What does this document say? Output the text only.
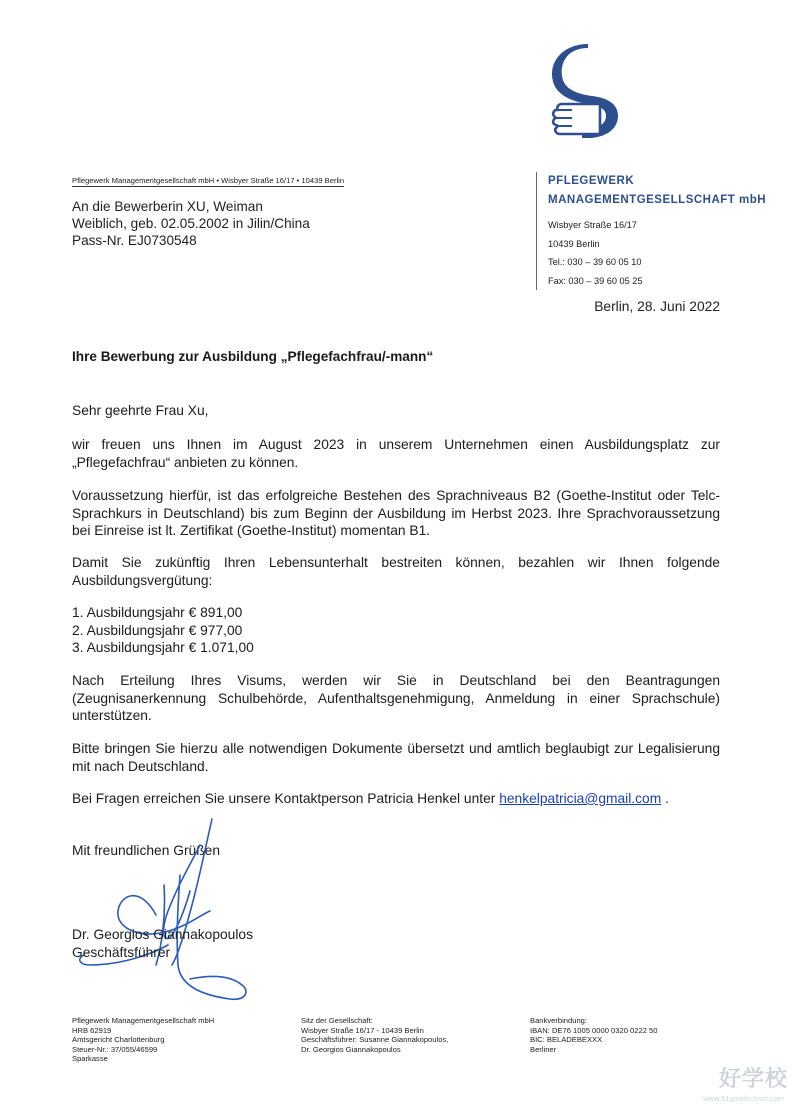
Pflegewerk Managementgesellschaft mbH • Wisbyer Straße 16/17 • 10439 Berlin
An die Bewerberin XU, Weiman
Weiblich, geb. 02.05.2002 in Jilin/China
Pass-Nr. EJ0730548
PFLEGEWERK
MANAGEMENTGESELLSCHAFT mbH
Wisbyer Straße 16/17
10439 Berlin
Tel.: 030 – 39 60 05 10
Fax: 030 – 39 60 05 25
Berlin, 28. Juni 2022
Ihre Bewerbung zur Ausbildung „Pflegefachfrau/-mann“
Sehr geehrte Frau Xu,
wir freuen uns Ihnen im August 2023 in unserem Unternehmen einen Ausbildungsplatz zur „Pflegefachfrau“ anbieten zu können.
Voraussetzung hierfür, ist das erfolgreiche Bestehen des Sprachniveaus B2 (Goethe-Institut oder Telc-Sprachkurs in Deutschland) bis zum Beginn der Ausbildung im Herbst 2023. Ihre Sprachvoraussetzung bei Einreise ist lt. Zertifikat (Goethe-Institut) momentan B1.
Damit Sie zukünftig Ihren Lebensunterhalt bestreiten können, bezahlen wir Ihnen folgende Ausbildungsvergütung:
1. Ausbildungsjahr € 891,00
2. Ausbildungsjahr € 977,00
3. Ausbildungsjahr € 1.071,00
Nach Erteilung Ihres Visums, werden wir Sie in Deutschland bei den Beantragungen (Zeugnisanerkennung Schulbehörde, Aufenthaltsgenehmigung, Anmeldung in einer Sprachschule) unterstützen.
Bitte bringen Sie hierzu alle notwendigen Dokumente übersetzt und amtlich beglaubigt zur Legalisierung mit nach Deutschland.
Bei Fragen erreichen Sie unsere Kontaktperson Patricia Henkel unter henkelpatricia@gmail.com .
Mit freundlichen Grüßen
Dr. Georgios Giannakopoulos
Geschäftsführer
Pflegewerk Managementgesellschaft mbH
HRB 62919
Amtsgericht Charlottenburg
Steuer-Nr.: 37/055/46599
Sparkasse
Sitz der Gesellschaft:
Wisbyer Straße 16/17 - 10439 Berlin
Geschäftsführer: Susanne Giannakopoulos,
Dr. Georgios Giannakopoulos
Bankverbindung:
IBAN: DE76 1005 0000 0320 0222 50
BIC: BELADEBEXXX
Berliner
好学校
www.91goodschool.com
